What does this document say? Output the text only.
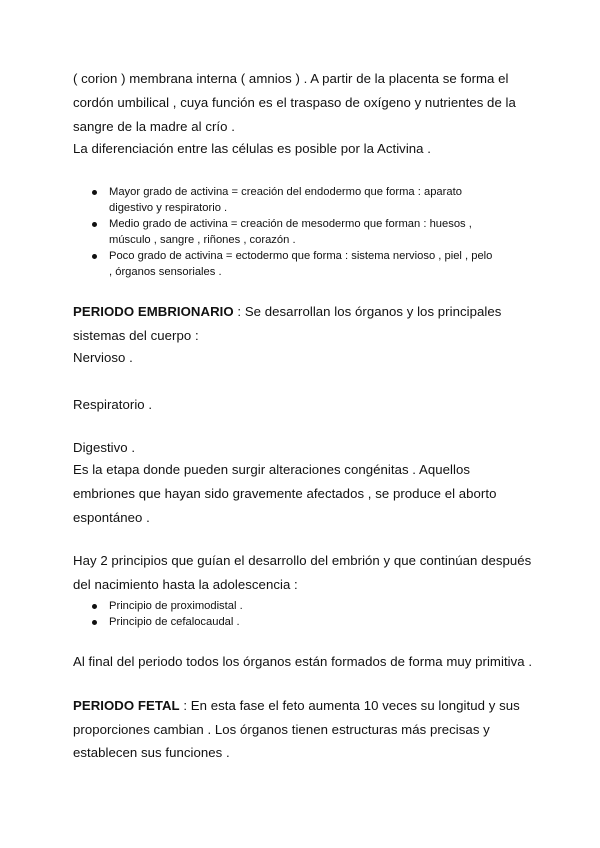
( corion ) membrana interna ( amnios ) . A partir de la placenta se forma el
cordón umbilical , cuya función es el traspaso de oxígeno y nutrientes de la
sangre de la madre al crío .
La diferenciación entre las células es posible por la Activina .
Mayor grado de activina = creación del endodermo que forma : aparato
digestivo y respiratorio .
Medio grado de activina = creación de mesodermo que forman : huesos ,
músculo , sangre , riñones , corazón .
Poco grado de activina = ectodermo que forma : sistema nervioso , piel , pelo
, órganos sensoriales .
PERIODO EMBRIONARIO : Se desarrollan los órganos y los principales
sistemas del cuerpo :
Nervioso .
Respiratorio .
Digestivo .
Es la etapa donde pueden surgir alteraciones congénitas . Aquellos
embriones que hayan sido gravemente afectados , se produce el aborto
espontáneo .
Hay 2 principios que guían el desarrollo del embrión y que continúan después
del nacimiento hasta la adolescencia :
Principio de proximodistal .
Principio de cefalocaudal .
Al final del periodo todos los órganos están formados de forma muy primitiva .
PERIODO FETAL : En esta fase el feto aumenta 10 veces su longitud y sus
proporciones cambian . Los órganos tienen estructuras más precisas y
establecen sus funciones .
